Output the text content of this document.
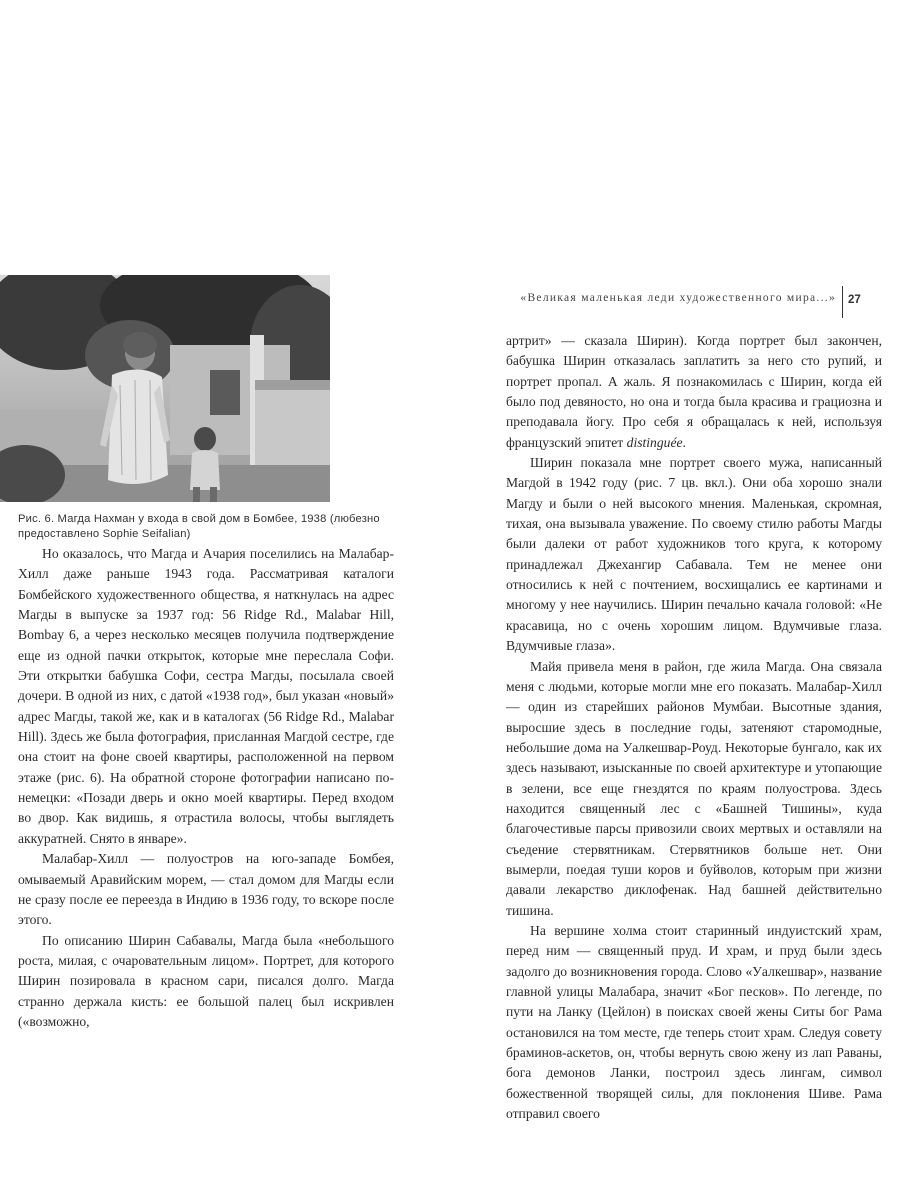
Рис. 6. Магда Нахман у входа в свой дом в Бомбее, 1938 (любезно
предоставлено Sophie Seifalian)

Но оказалось, что Магда и Ачария поселились на Малабар-Хилл даже раньше 1943 года. Рассматривая каталоги Бомбейского художественного общества, я наткнулась на адрес Магды в выпуске за 1937 год: 56 Ridge Rd., Malabar Hill, Bombay 6, а через несколько месяцев получила подтверждение еще из одной пачки открыток, которые мне переслала Софи. Эти открытки бабушка Софи, сестра Магды, посылала своей дочери. В одной из них, с датой «1938 год», был указан «новый» адрес Магды, такой же, как и в каталогах (56 Ridge Rd., Malabar Hill). Здесь же была фотография, присланная Магдой сестре, где она стоит на фоне своей квартиры, расположенной на первом этаже (рис. 6). На обратной стороне фотографии написано по-немецки: «Позади дверь и окно моей квартиры. Перед входом во двор. Как видишь, я отрастила волосы, чтобы выглядеть аккуратней. Снято в январе».

Малабар-Хилл — полуостров на юго-западе Бомбея, омываемый Аравийским морем, — стал домом для Магды если не сразу после ее переезда в Индию в 1936 году, то вскоре после этого.

По описанию Ширин Сабавалы, Магда была «небольшого роста, милая, с очаровательным лицом». Портрет, для которого Ширин позировала в красном сари, писался долго. Магда странно держала кисть: ее большой палец был искривлен («возможно,

«Великая маленькая леди художественного мира...» 27

артрит» — сказала Ширин). Когда портрет был закончен, бабушка Ширин отказалась заплатить за него сто рупий, и портрет пропал. А жаль. Я познакомилась с Ширин, когда ей было под девяносто, но она и тогда была красива и грациозна и преподавала йогу. Про себя я обращалась к ней, используя французский эпитет distinguée.

Ширин показала мне портрет своего мужа, написанный Магдой в 1942 году (рис. 7 цв. вкл.). Они оба хорошо знали Магду и были о ней высокого мнения. Маленькая, скромная, тихая, она вызывала уважение. По своему стилю работы Магды были далеки от работ художников того круга, к которому принадлежал Джехангир Сабавала. Тем не менее они относились к ней с почтением, восхищались ее картинами и многому у нее научились. Ширин печально качала головой: «Не красавица, но с очень хорошим лицом. Вдумчивые глаза. Вдумчивые глаза».

Майя привела меня в район, где жила Магда. Она связала меня с людьми, которые могли мне его показать. Малабар-Хилл — один из старейших районов Мумбаи. Высотные здания, выросшие здесь в последние годы, затеняют старомодные, небольшие дома на Уалкешвар-Роуд. Некоторые бунгало, как их здесь называют, изысканные по своей архитектуре и утопающие в зелени, все еще гнездятся по краям полуострова. Здесь находится священный лес с «Башней Тишины», куда благочестивые парсы привозили своих мертвых и оставляли на съедение стервятникам. Стервятников больше нет. Они вымерли, поедая туши коров и буйволов, которым при жизни давали лекарство диклофенак. Над башней действительно тишина.

На вершине холма стоит старинный индуистский храм, перед ним — священный пруд. И храм, и пруд были здесь задолго до возникновения города. Слово «Уалкешвар», название главной улицы Малабара, значит «Бог песков». По легенде, по пути на Ланку (Цейлон) в поисках своей жены Ситы бог Рама остановился на том месте, где теперь стоит храм. Следуя совету браминов-аскетов, он, чтобы вернуть свою жену из лап Раваны, бога демонов Ланки, построил здесь лингам, символ божественной творящей силы, для поклонения Шиве. Рама отправил своего
